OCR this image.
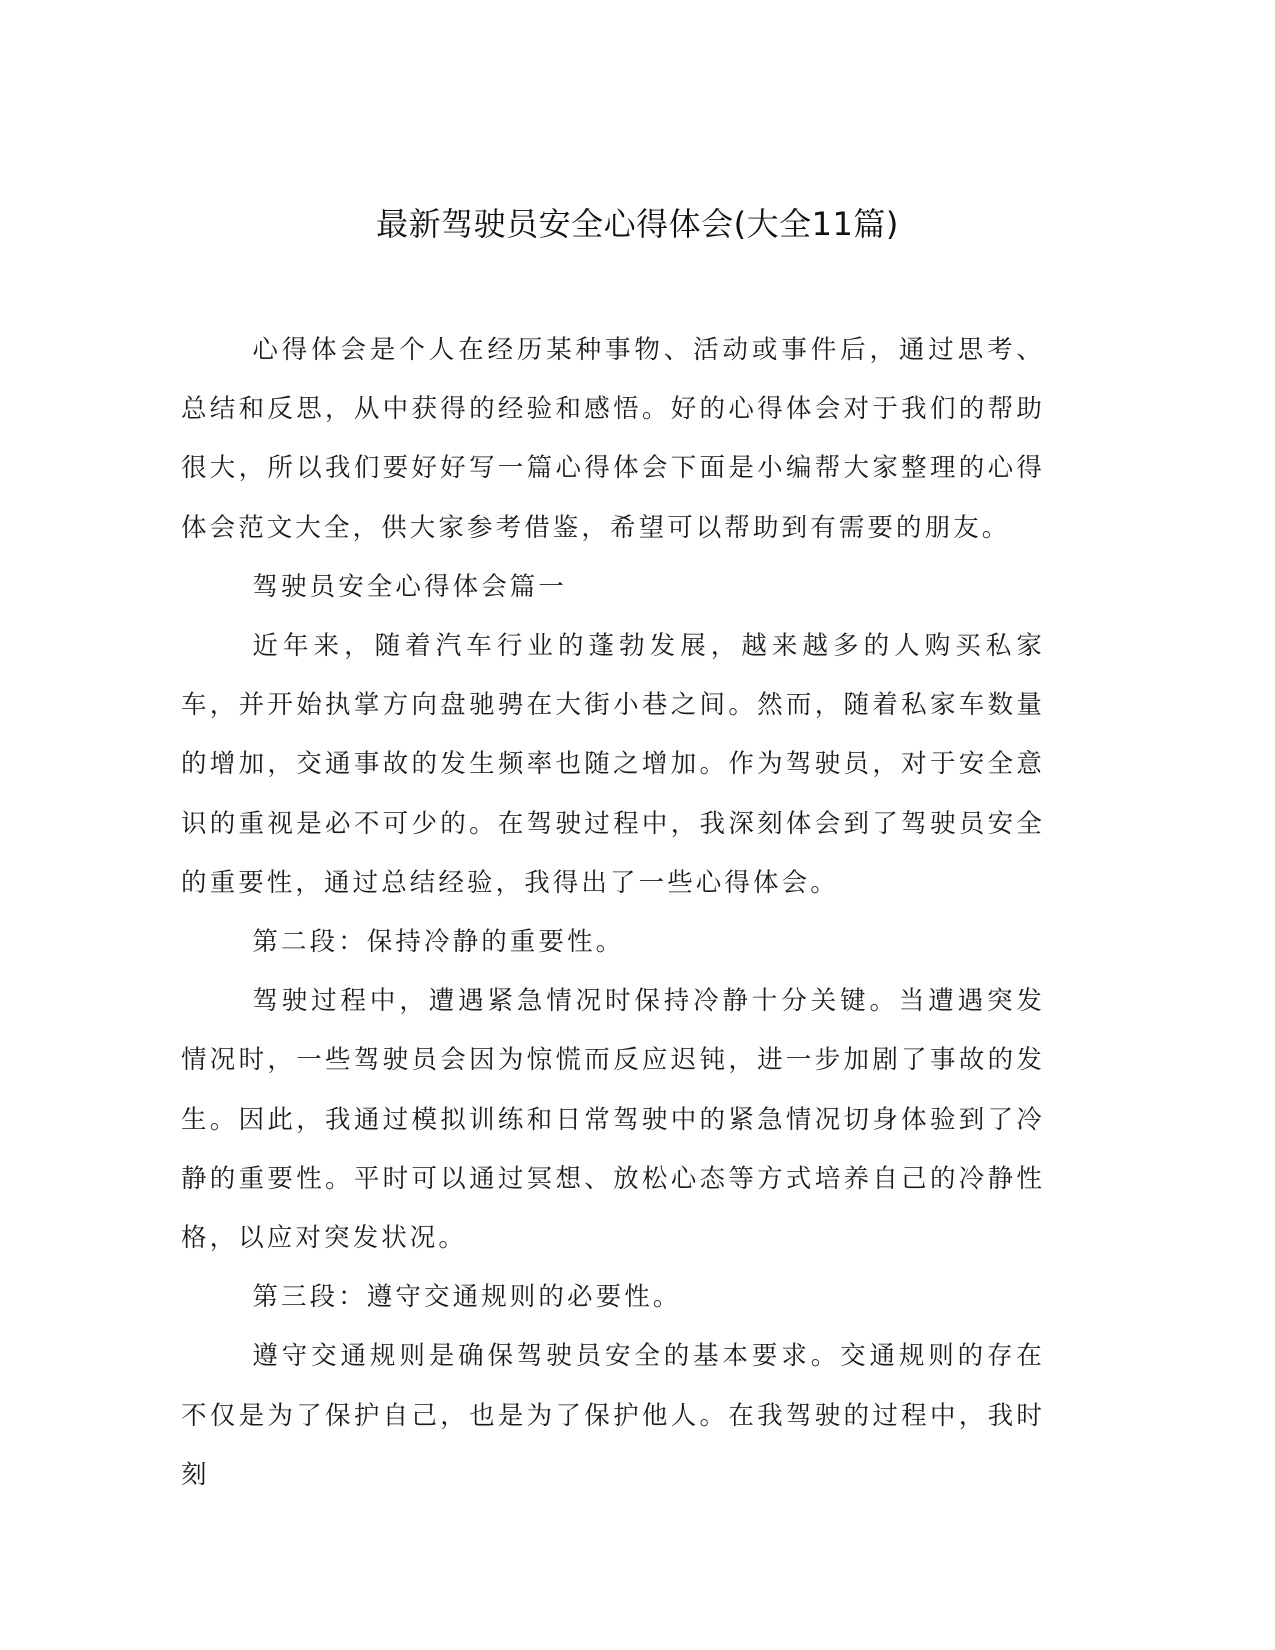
最新驾驶员安全心得体会(大全11篇)

心得体会是个人在经历某种事物、活动或事件后，通过思考、总结和反思，从中获得的经验和感悟。好的心得体会对于我们的帮助很大，所以我们要好好写一篇心得体会下面是小编帮大家整理的心得体会范文大全，供大家参考借鉴，希望可以帮助到有需要的朋友。

驾驶员安全心得体会篇一

近年来，随着汽车行业的蓬勃发展，越来越多的人购买私家车，并开始执掌方向盘驰骋在大街小巷之间。然而，随着私家车数量的增加，交通事故的发生频率也随之增加。作为驾驶员，对于安全意识的重视是必不可少的。在驾驶过程中，我深刻体会到了驾驶员安全的重要性，通过总结经验，我得出了一些心得体会。

第二段：保持冷静的重要性。

驾驶过程中，遭遇紧急情况时保持冷静十分关键。当遭遇突发情况时，一些驾驶员会因为惊慌而反应迟钝，进一步加剧了事故的发生。因此，我通过模拟训练和日常驾驶中的紧急情况切身体验到了冷静的重要性。平时可以通过冥想、放松心态等方式培养自己的冷静性格，以应对突发状况。

第三段：遵守交通规则的必要性。

遵守交通规则是确保驾驶员安全的基本要求。交通规则的存在不仅是为了保护自己，也是为了保护他人。在我驾驶的过程中，我时刻
